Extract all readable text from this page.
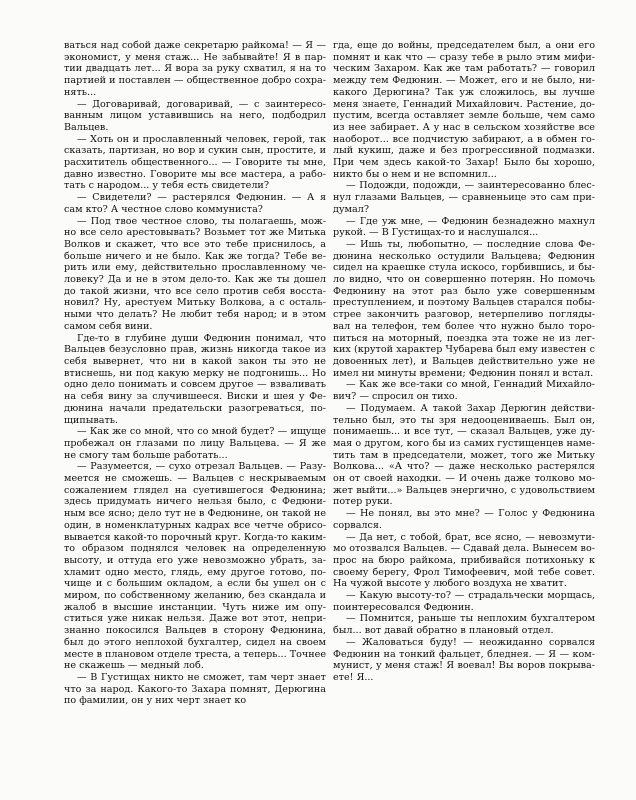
ваться над собой даже секретарю райкома! — Я — экономист, у меня стаж... Не забывайте! Я в партии двадцать лет... Я вора за руку схватил, я на то партией и поставлен — общественное добро сохранять...

— Договаривай, договаривай, — с заинтересованным лицом уставившись на него, подбодрил Вальцев.

— Хоть он и прославленный человек, герой, так сказать, партизан, но вор и сукин сын, простите, и расхититель общественного... — Говорите ты мне, давно известно. Говорите мы все мастера, а работать с народом... у тебя есть свидетели?

— Свидетели? — растерялся Федюнин. — А я сам кто? А честное слово коммуниста?

— Под твое честное слово, ты полагаешь, можно все село арестовывать? Возьмет тот же Митька Волков и скажет, что все это тебе приснилось, а больше ничего и не было. Как же тогда? Тебе верить или ему, действительно прославленному человеку? Да и не в этом дело-то. Как же ты дошел до такой жизни, что все село против себя восстановил? Ну, арестуем Митьку Волкова, а с остальными что делать? Не любит тебя народ; и в этом самом себя вини.

Где-то в глубине души Федюнин понимал, что Вальцев безусловно прав, жизнь никогда такое из себя вывернет, что ни в какой закон ты это не втиснешь, ни под какую мерку не подгонишь... Но одно дело понимать и совсем другое — взваливать на себя вину за случившееся. Виски и шея у Федюнина начали предательски разогреваться, пощипывать.

— Как же со мной, что со мной будет? — ищуще пробежал он глазами по лицу Вальцева. — Я же не смогу там больше работать...

— Разумеется, — сухо отрезал Вальцев. — Разумеется не сможешь. — Вальцев с нескрываемым сожалением глядел на суетившегося Федюнина; здесь придумать ничего нельзя было, с Федюниным все ясно; дело тут не в Федюнине, он такой не один, в номенклатурных кадрах все четче обрисовывается какой-то порочный круг. Когда-то каким-то образом поднялся человек на определенную высоту, и оттуда его уже невозможно убрать, захламит одно место, глядь, ему другое готово, почище и с большим окладом, а если бы ушел он с миром, по собственному желанию, без скандала и жалоб в высшие инстанции. Чуть ниже им опуститься уже никак нельзя. Даже вот этот, непризнанно покосился Вальцев в сторону Федюнина, был до этого неплохой бухгалтер, сидел на своем месте в плановом отделе треста, а теперь... Точнее не скажешь — медный лоб.

— В Густищах никто не сможет, там черт знает что за народ. Какого-то Захара помнят, Дерюгина по фамилии, он у них черт знает ко

гда, еще до войны, председателем был, а они его помнят и как что — сразу тебе в рыло этим мифическим Захаром. Как же там работать? — говорил между тем Федюнин. — Может, его и не было, никакого Дерюгина? Так уж сложилось, вы лучше меня знаете, Геннадий Михайлович. Растение, допустим, всегда оставляет земле больше, чем само из нее забирает. А у нас в сельском хозяйстве все наоборот... все подчистую забирают, а в обмен голый кукиш, даже и без прогрессивной подмазки. При чем здесь какой-то Захар! Было бы хорошо, никто бы о нем и не вспомнил...

— Подожди, подожди, — заинтересованно блеснул глазами Вальцев, — сравненьице это сам придумал?

— Где уж мне, — Федюнин безнадежно махнул рукой. — В Густищах-то и наслушался...

— Ишь ты, любопытно, — последние слова Федюнина несколько остудили Вальцева; Федюнин сидел на краешке стула искосо, горбившись, и было видно, что он совершенно потерян. Но помочь Федюнину на этот раз было уже совершенным преступлением, и поэтому Вальцев старался побыстрее закончить разговор, нетерпеливо поглядывал на телефон, тем более что нужно было торопиться на моторный, поездка эта тоже не из легких (крутой характер Чубарева был ему известен с довоенных лет), и Вальцев действительно уже не имел ни минуты времени; Федюнин понял и встал.

— Как же все-таки со мной, Геннадий Михайлович? — спросил он тихо.

— Подумаем. А такой Захар Дерюгин действительно был, это ты зря недооцениваешь. Был он, понимаешь... и все тут, — сказал Вальцев, уже думая о другом, кого бы из самих густищенцев наметить там в председатели, может, того же Митьку Волкова... «А что? — даже несколько растерялся он от своей находки. — И очень даже толково может выйти...» Вальцев энергично, с удовольствием потер руки.

— Не понял, вы это мне? — Голос у Федюнина сорвался.

— Да нет, с тобой, брат, все ясно, — невозмутимо отозвался Вальцев. — Сдавай дела. Вынесем вопрос на бюро райкома, прибивайся потихоньку к своему берегу, Фрол Тимофеевич, мой тебе совет. На чужой высоте у любого воздуха не хватит.

— Какую высоту-то? — страдальчески морщась, поинтересовался Федюнин.

— Помнится, раньше ты неплохим бухгалтером был... вот давай обратно в плановый отдел.

— Жаловаться буду! — неожиданно сорвался Федюнин на тонкий фальцет, бледнея. — Я — коммунист, у меня стаж! Я воевал! Вы воров покрываете! Я...
